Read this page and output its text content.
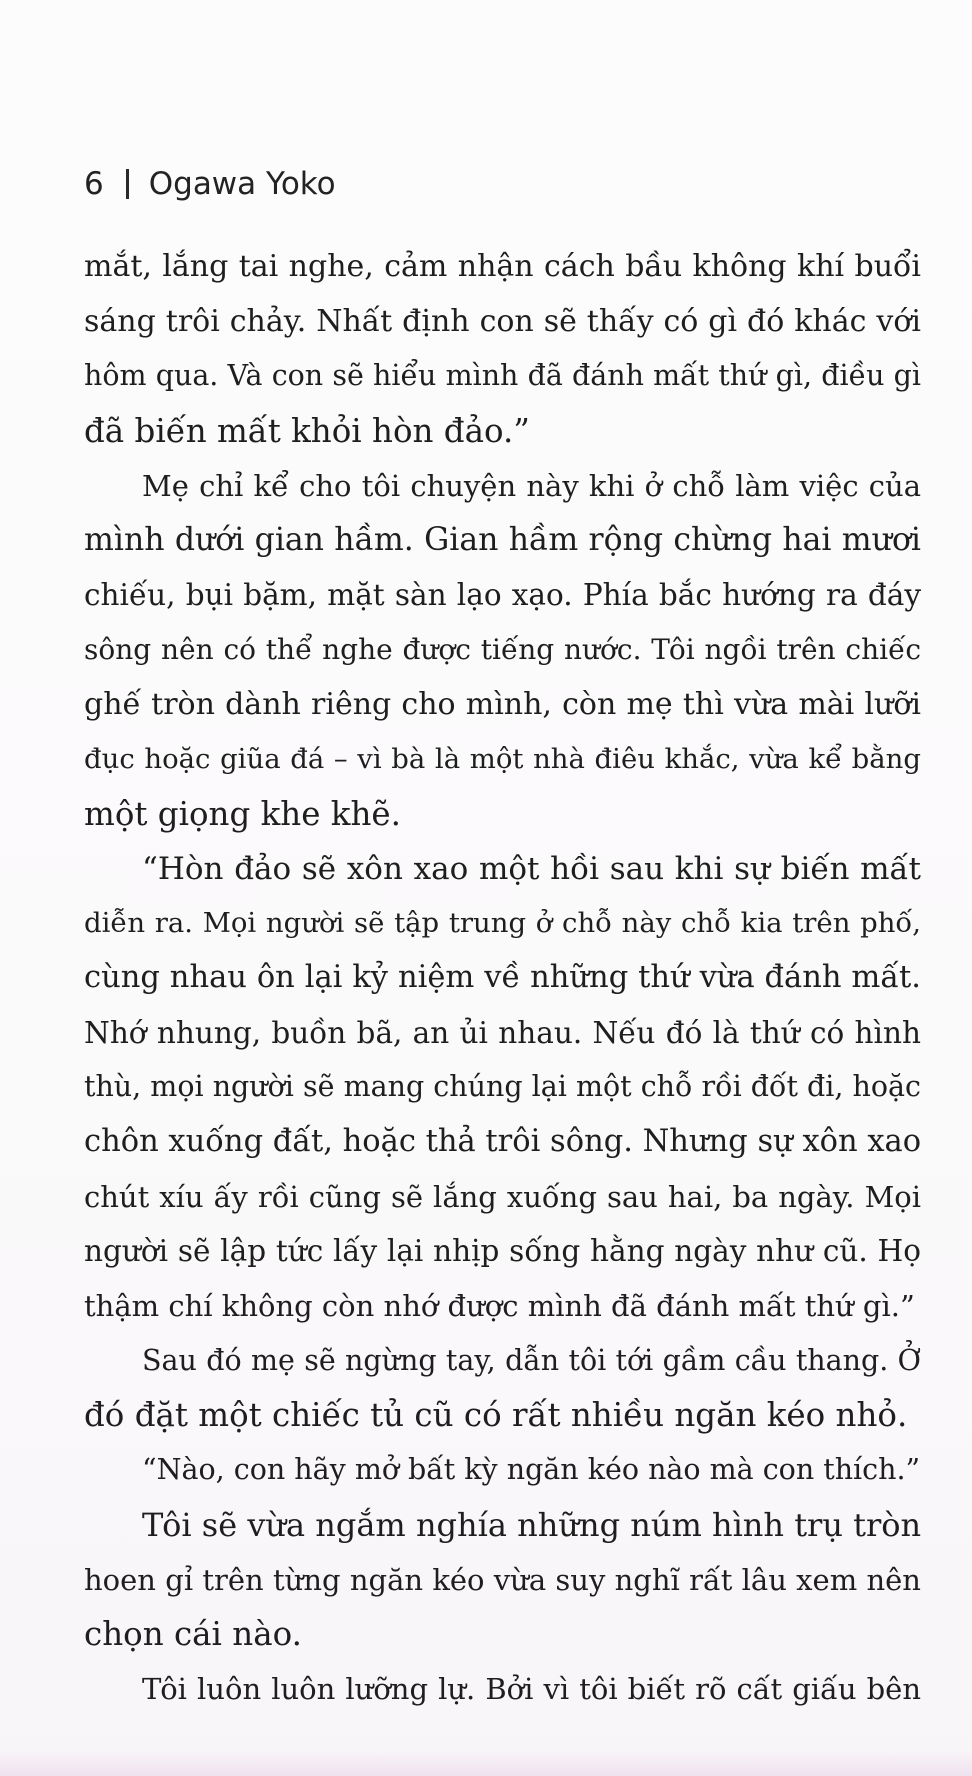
6 Ogawa Yoko
mắt, lắng tai nghe, cảm nhận cách bầu không khí buổi
sáng trôi chảy. Nhất định con sẽ thấy có gì đó khác với
hôm qua. Và con sẽ hiểu mình đã đánh mất thứ gì, điều gì
đã biến mất khỏi hòn đảo.”
Mẹ chỉ kể cho tôi chuyện này khi ở chỗ làm việc của
mình dưới gian hầm. Gian hầm rộng chừng hai mươi
chiếu, bụi bặm, mặt sàn lạo xạo. Phía bắc hướng ra đáy
sông nên có thể nghe được tiếng nước. Tôi ngồi trên chiếc
ghế tròn dành riêng cho mình, còn mẹ thì vừa mài lưỡi
đục hoặc giũa đá – vì bà là một nhà điêu khắc, vừa kể bằng
một giọng khe khẽ.
“Hòn đảo sẽ xôn xao một hồi sau khi sự biến mất
diễn ra. Mọi người sẽ tập trung ở chỗ này chỗ kia trên phố,
cùng nhau ôn lại kỷ niệm về những thứ vừa đánh mất.
Nhớ nhung, buồn bã, an ủi nhau. Nếu đó là thứ có hình
thù, mọi người sẽ mang chúng lại một chỗ rồi đốt đi, hoặc
chôn xuống đất, hoặc thả trôi sông. Nhưng sự xôn xao
chút xíu ấy rồi cũng sẽ lắng xuống sau hai, ba ngày. Mọi
người sẽ lập tức lấy lại nhịp sống hằng ngày như cũ. Họ
thậm chí không còn nhớ được mình đã đánh mất thứ gì.”
Sau đó mẹ sẽ ngừng tay, dẫn tôi tới gầm cầu thang. Ở
đó đặt một chiếc tủ cũ có rất nhiều ngăn kéo nhỏ.
“Nào, con hãy mở bất kỳ ngăn kéo nào mà con thích.”
Tôi sẽ vừa ngắm nghía những núm hình trụ tròn
hoen gỉ trên từng ngăn kéo vừa suy nghĩ rất lâu xem nên
chọn cái nào.
Tôi luôn luôn lưỡng lự. Bởi vì tôi biết rõ cất giấu bên
